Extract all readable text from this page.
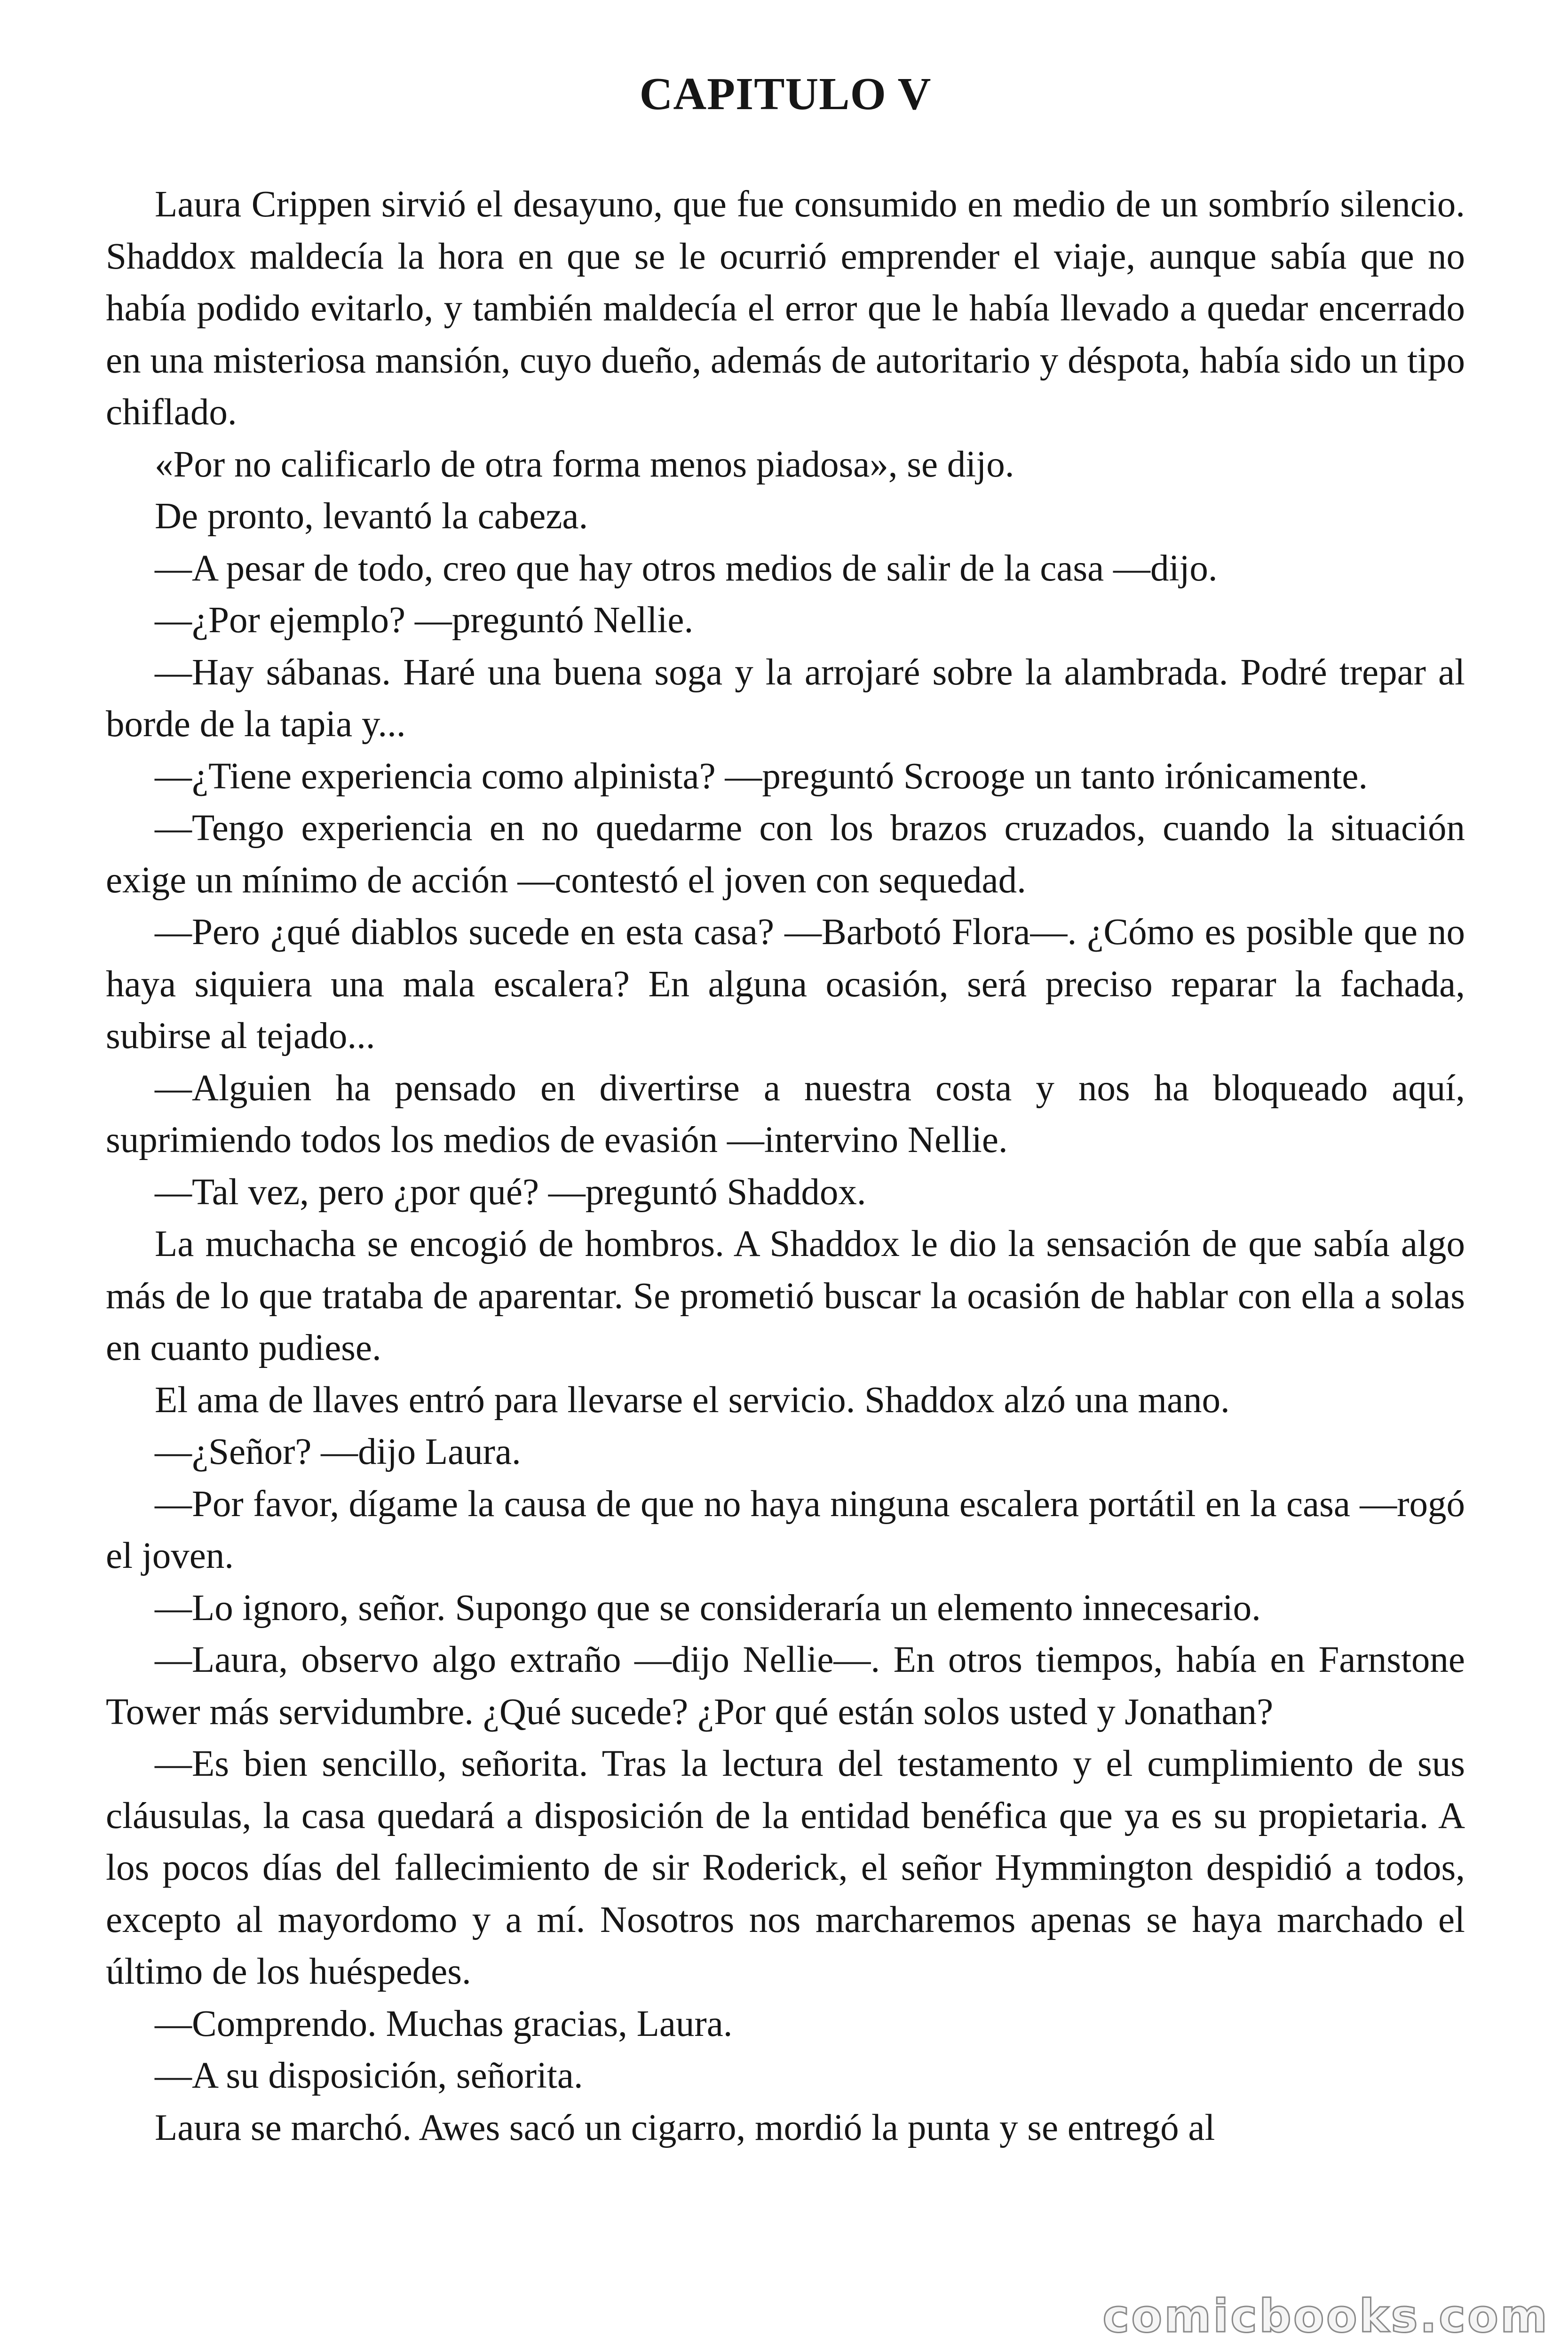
CAPITULO V

Laura Crippen sirvió el desayuno, que fue consumido en medio de un sombrío silencio. Shaddox maldecía la hora en que se le ocurrió emprender el viaje, aunque sabía que no había podido evitarlo, y también maldecía el error que le había llevado a quedar encerrado en una misteriosa mansión, cuyo dueño, además de autoritario y déspota, había sido un tipo chiflado.

«Por no calificarlo de otra forma menos piadosa», se dijo.

De pronto, levantó la cabeza.

—A pesar de todo, creo que hay otros medios de salir de la casa —dijo.

—¿Por ejemplo? —preguntó Nellie.

—Hay sábanas. Haré una buena soga y la arrojaré sobre la alambrada. Podré trepar al borde de la tapia y...

—¿Tiene experiencia como alpinista? —preguntó Scrooge un tanto irónicamente.

—Tengo experiencia en no quedarme con los brazos cruzados, cuando la situación exige un mínimo de acción —contestó el joven con sequedad.

—Pero ¿qué diablos sucede en esta casa? —Barbotó Flora—. ¿Cómo es posible que no haya siquiera una mala escalera? En alguna ocasión, será preciso reparar la fachada, subirse al tejado...

—Alguien ha pensado en divertirse a nuestra costa y nos ha bloqueado aquí, suprimiendo todos los medios de evasión —intervino Nellie.

—Tal vez, pero ¿por qué? —preguntó Shaddox.

La muchacha se encogió de hombros. A Shaddox le dio la sensación de que sabía algo más de lo que trataba de aparentar. Se prometió buscar la ocasión de hablar con ella a solas en cuanto pudiese.

El ama de llaves entró para llevarse el servicio. Shaddox alzó una mano.

—¿Señor? —dijo Laura.

—Por favor, dígame la causa de que no haya ninguna escalera portátil en la casa —rogó el joven.

—Lo ignoro, señor. Supongo que se consideraría un elemento innecesario.

—Laura, observo algo extraño —dijo Nellie—. En otros tiempos, había en Farnstone Tower más servidumbre. ¿Qué sucede? ¿Por qué están solos usted y Jonathan?

—Es bien sencillo, señorita. Tras la lectura del testamento y el cumplimiento de sus cláusulas, la casa quedará a disposición de la entidad benéfica que ya es su propietaria. A los pocos días del fallecimiento de sir Roderick, el señor Hymmington despidió a todos, excepto al mayordomo y a mí. Nosotros nos marcharemos apenas se haya marchado el último de los huéspedes.

—Comprendo. Muchas gracias, Laura.

—A su disposición, señorita.

Laura se marchó. Awes sacó un cigarro, mordió la punta y se entregó al

comicbooks.com
